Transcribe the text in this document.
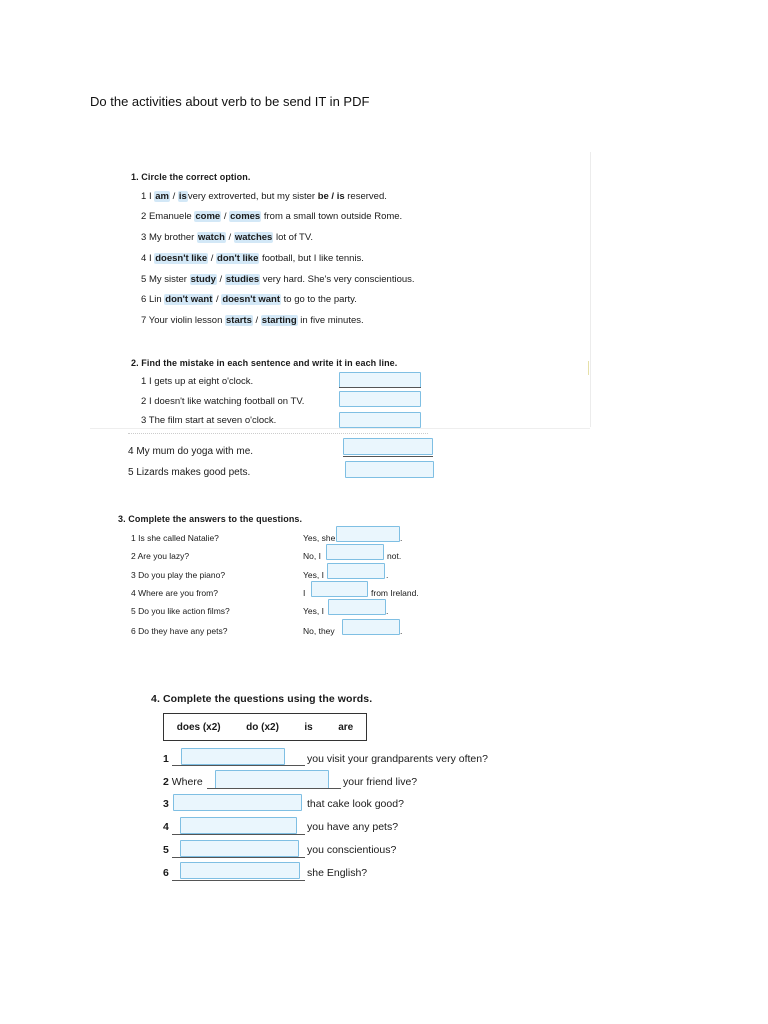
Do the activities about verb to be send IT in PDF
1. Circle the correct option.
1 I am / isvery extroverted, but my sister be / is reserved.
2 Emanuele come / comes from a small town outside Rome.
3 My brother watch / watches lot of TV.
4 I doesn't like / don't like football, but I like tennis.
5 My sister study / studies very hard. She's very conscientious.
6 Lin don't want / doesn't want to go to the party.
7 Your violin lesson starts / starting in five minutes.
2. Find the mistake in each sentence and write it in each line.
1 I gets up at eight o'clock.
2 I doesn't like watching football on TV.
3 The film start at seven o'clock.
4 My mum do yoga with me.
5 Lizards makes good pets.
3. Complete the answers to the questions.
1 Is she called Natalie?	Yes, she	.
2 Are you lazy?	No, I	not.
3 Do you play the piano?	Yes, I	.
4 Where are you from?	I	from Ireland.
5 Do you like action films?	Yes, I	.
6 Do they have any pets?	No, they	.
4. Complete the questions using the words.
does (x2)	do (x2)	is	are
1	you visit your grandparents very often?
2 Where	your friend live?
3	that cake look good?
4	you have any pets?
5	you conscientious?
6	she English?
